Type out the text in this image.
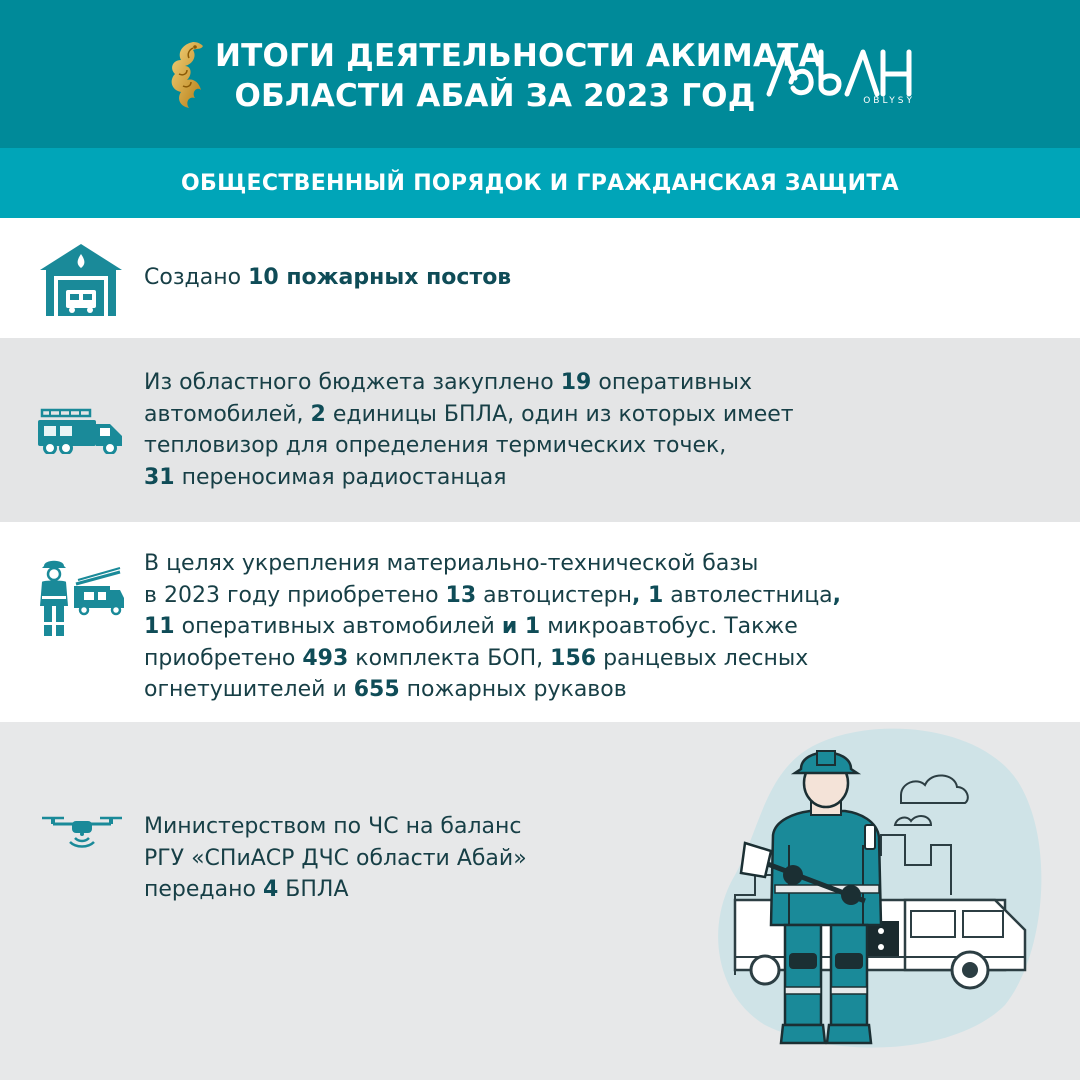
ИТОГИ ДЕЯТЕЛЬНОСТИ АКИМАТА
ОБЛАСТИ АБАЙ ЗА 2023 ГОД	OBLYSY
ОБЩЕСТВЕННЫЙ ПОРЯДОК И ГРАЖДАНСКАЯ ЗАЩИТА
Создано 10 пожарных постов
Из областного бюджета закуплено 19 оперативных
автомобилей, 2 единицы БПЛА, один из которых имеет
тепловизор для определения термических точек,
31 переносимая радиостанцая
В целях укрепления материально-технической базы
в 2023 году приобретено 13 автоцистерн, 1 автолестница,
11 оперативных автомобилей и 1 микроавтобус. Также
приобретено 493 комплекта БОП, 156 ранцевых лесных
огнетушителей и 655 пожарных рукавов
Министерством по ЧС на баланс
РГУ «СПиАСР ДЧС области Абай»
передано 4 БПЛА
